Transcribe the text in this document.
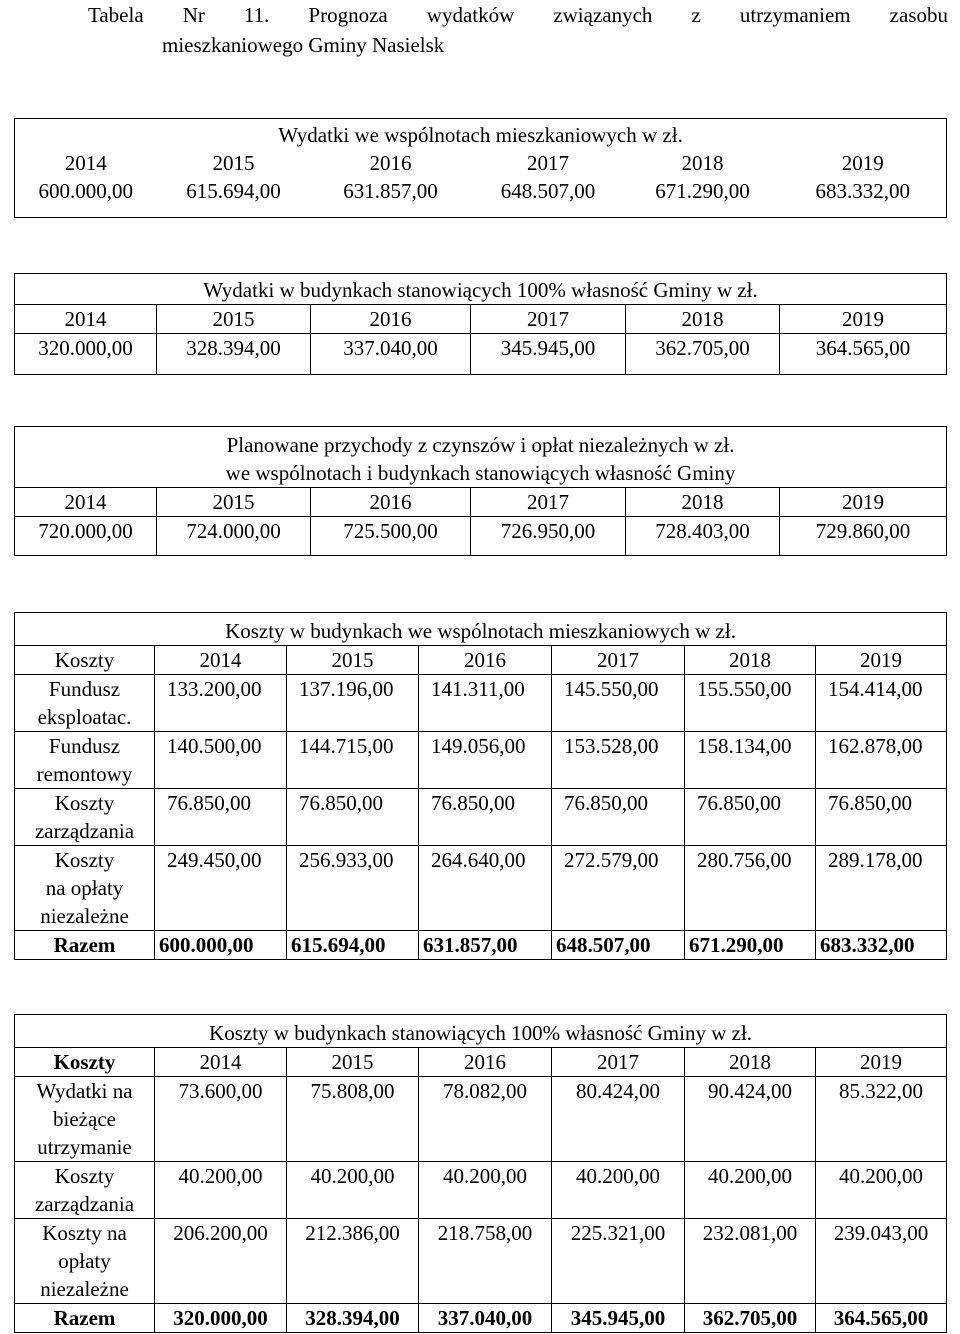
Tabela Nr 11. Prognoza wydatków związanych z utrzymaniem zasobu

mieszkaniowego Gminy Nasielsk
Wydatki we wspólnotach mieszkaniowych w zł.					
2014	2015	2016	2017	2018	2019
600.000,00	615.694,00	631.857,00	648.507,00	671.290,00	683.332,00
Wydatki w budynkach stanowiących 100% własność Gminy w zł.					
2014	2015	2016	2017	2018	2019
320.000,00	328.394,00	337.040,00	345.945,00	362.705,00	364.565,00
Planowane przychody z czynszów i opłat niezależnych w zł.					
we wspólnotach i budynkach stanowiących własność Gminy					
2014	2015	2016	2017	2018	2019
720.000,00	724.000,00	725.500,00	726.950,00	728.403,00	729.860,00
Koszty w budynkach we wspólnotach mieszkaniowych w zł.						
Koszty	2014	2015	2016	2017	2018	2019
Fundusz
eksploatac.	133.200,00	137.196,00	141.311,00	145.550,00	155.550,00	154.414,00
Fundusz
remontowy	140.500,00	144.715,00	149.056,00	153.528,00	158.134,00	162.878,00
Koszty
zarządzania	76.850,00	76.850,00	76.850,00	76.850,00	76.850,00	76.850,00
Koszty
na opłaty
niezależne	249.450,00	256.933,00	264.640,00	272.579,00	280.756,00	289.178,00
Razem	600.000,00	615.694,00	631.857,00	648.507,00	671.290,00	683.332,00
Koszty w budynkach stanowiących 100% własność Gminy w zł.						
Koszty	2014	2015	2016	2017	2018	2019
Wydatki na
bieżące
utrzymanie	73.600,00	75.808,00	78.082,00	80.424,00	90.424,00	85.322,00
Koszty
zarządzania	40.200,00	40.200,00	40.200,00	40.200,00	40.200,00	40.200,00
Koszty na
opłaty
niezależne	206.200,00	212.386,00	218.758,00	225.321,00	232.081,00	239.043,00
Razem	320.000,00	328.394,00	337.040,00	345.945,00	362.705,00	364.565,00
